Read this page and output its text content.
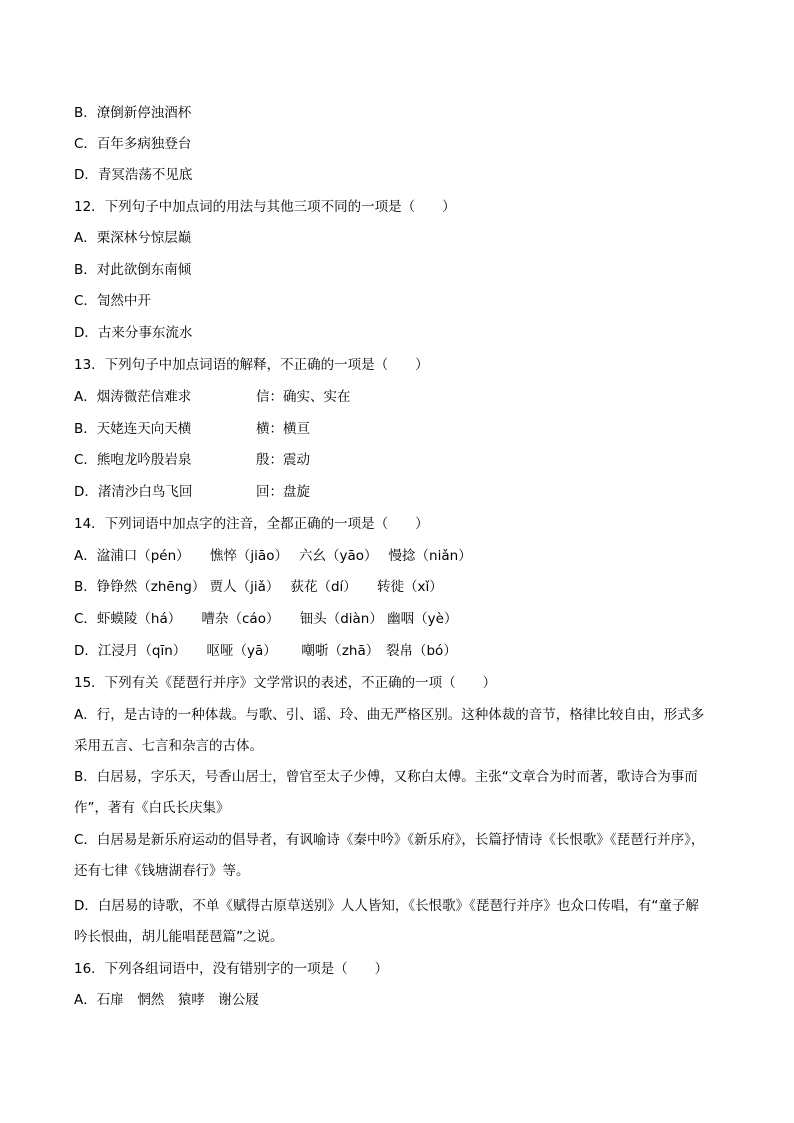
B．潦倒新停浊酒杯
C．百年多病独登台
D．青冥浩荡不见底
12．下列句子中加点词的用法与其他三项不同的一项是（　　）
A．栗深林兮惊层巅
B．对此欲倒东南倾
C．訇然中开
D．古来分事东流水
13．下列句子中加点词语的解释，不正确的一项是（　　）
A．烟涛微茫信难求	信：确实、实在
B．天姥连天向天横	横：横亘
C．熊咆龙吟殷岩泉	殷：震动
D．渚清沙白鸟飞回	回：盘旋
14．下列词语中加点字的注音，全都正确的一项是（　　）
A．湓浦口（pén）　　憔悴（jiāo）　 六幺（yāo）　 慢捻（niǎn）
B．铮铮然（zhēng） 贾人（jiǎ）　 荻花（dí）　　转徙（xǐ）
C．虾蟆陵（há）　　嘈杂（cáo）　　钿头（diàn） 幽咽（yè）
D．江浸月（qīn）　　呕哑（yā）　　 嘲哳（zhā）　裂帛（bó）
15．下列有关《琵琶行并序》文学常识的表述，不正确的一项（　　）
A．行，是古诗的一种体裁。与歌、引、谣、玲、曲无严格区别。这种体裁的音节，格律比较自由，形式多
采用五言、七言和杂言的古体。
B．白居易，字乐天，号香山居士，曾官至太子少傅，又称白太傅。主张“文章合为时而著，歌诗合为事而
作”，著有《白氏长庆集》
C．白居易是新乐府运动的倡导者，有讽喻诗《秦中吟》《新乐府》，长篇抒情诗《长恨歌》《琵琶行并序》，
还有七律《钱塘湖春行》等。
D．白居易的诗歌，不单《赋得古原草送别》人人皆知，《长恨歌》《琵琶行并序》也众口传唱，有“童子解
吟长恨曲，胡儿能唱琵琶篇”之说。
16．下列各组词语中，没有错别字的一项是（　　）
A．石扉　惘然　猿哮　谢公屐
